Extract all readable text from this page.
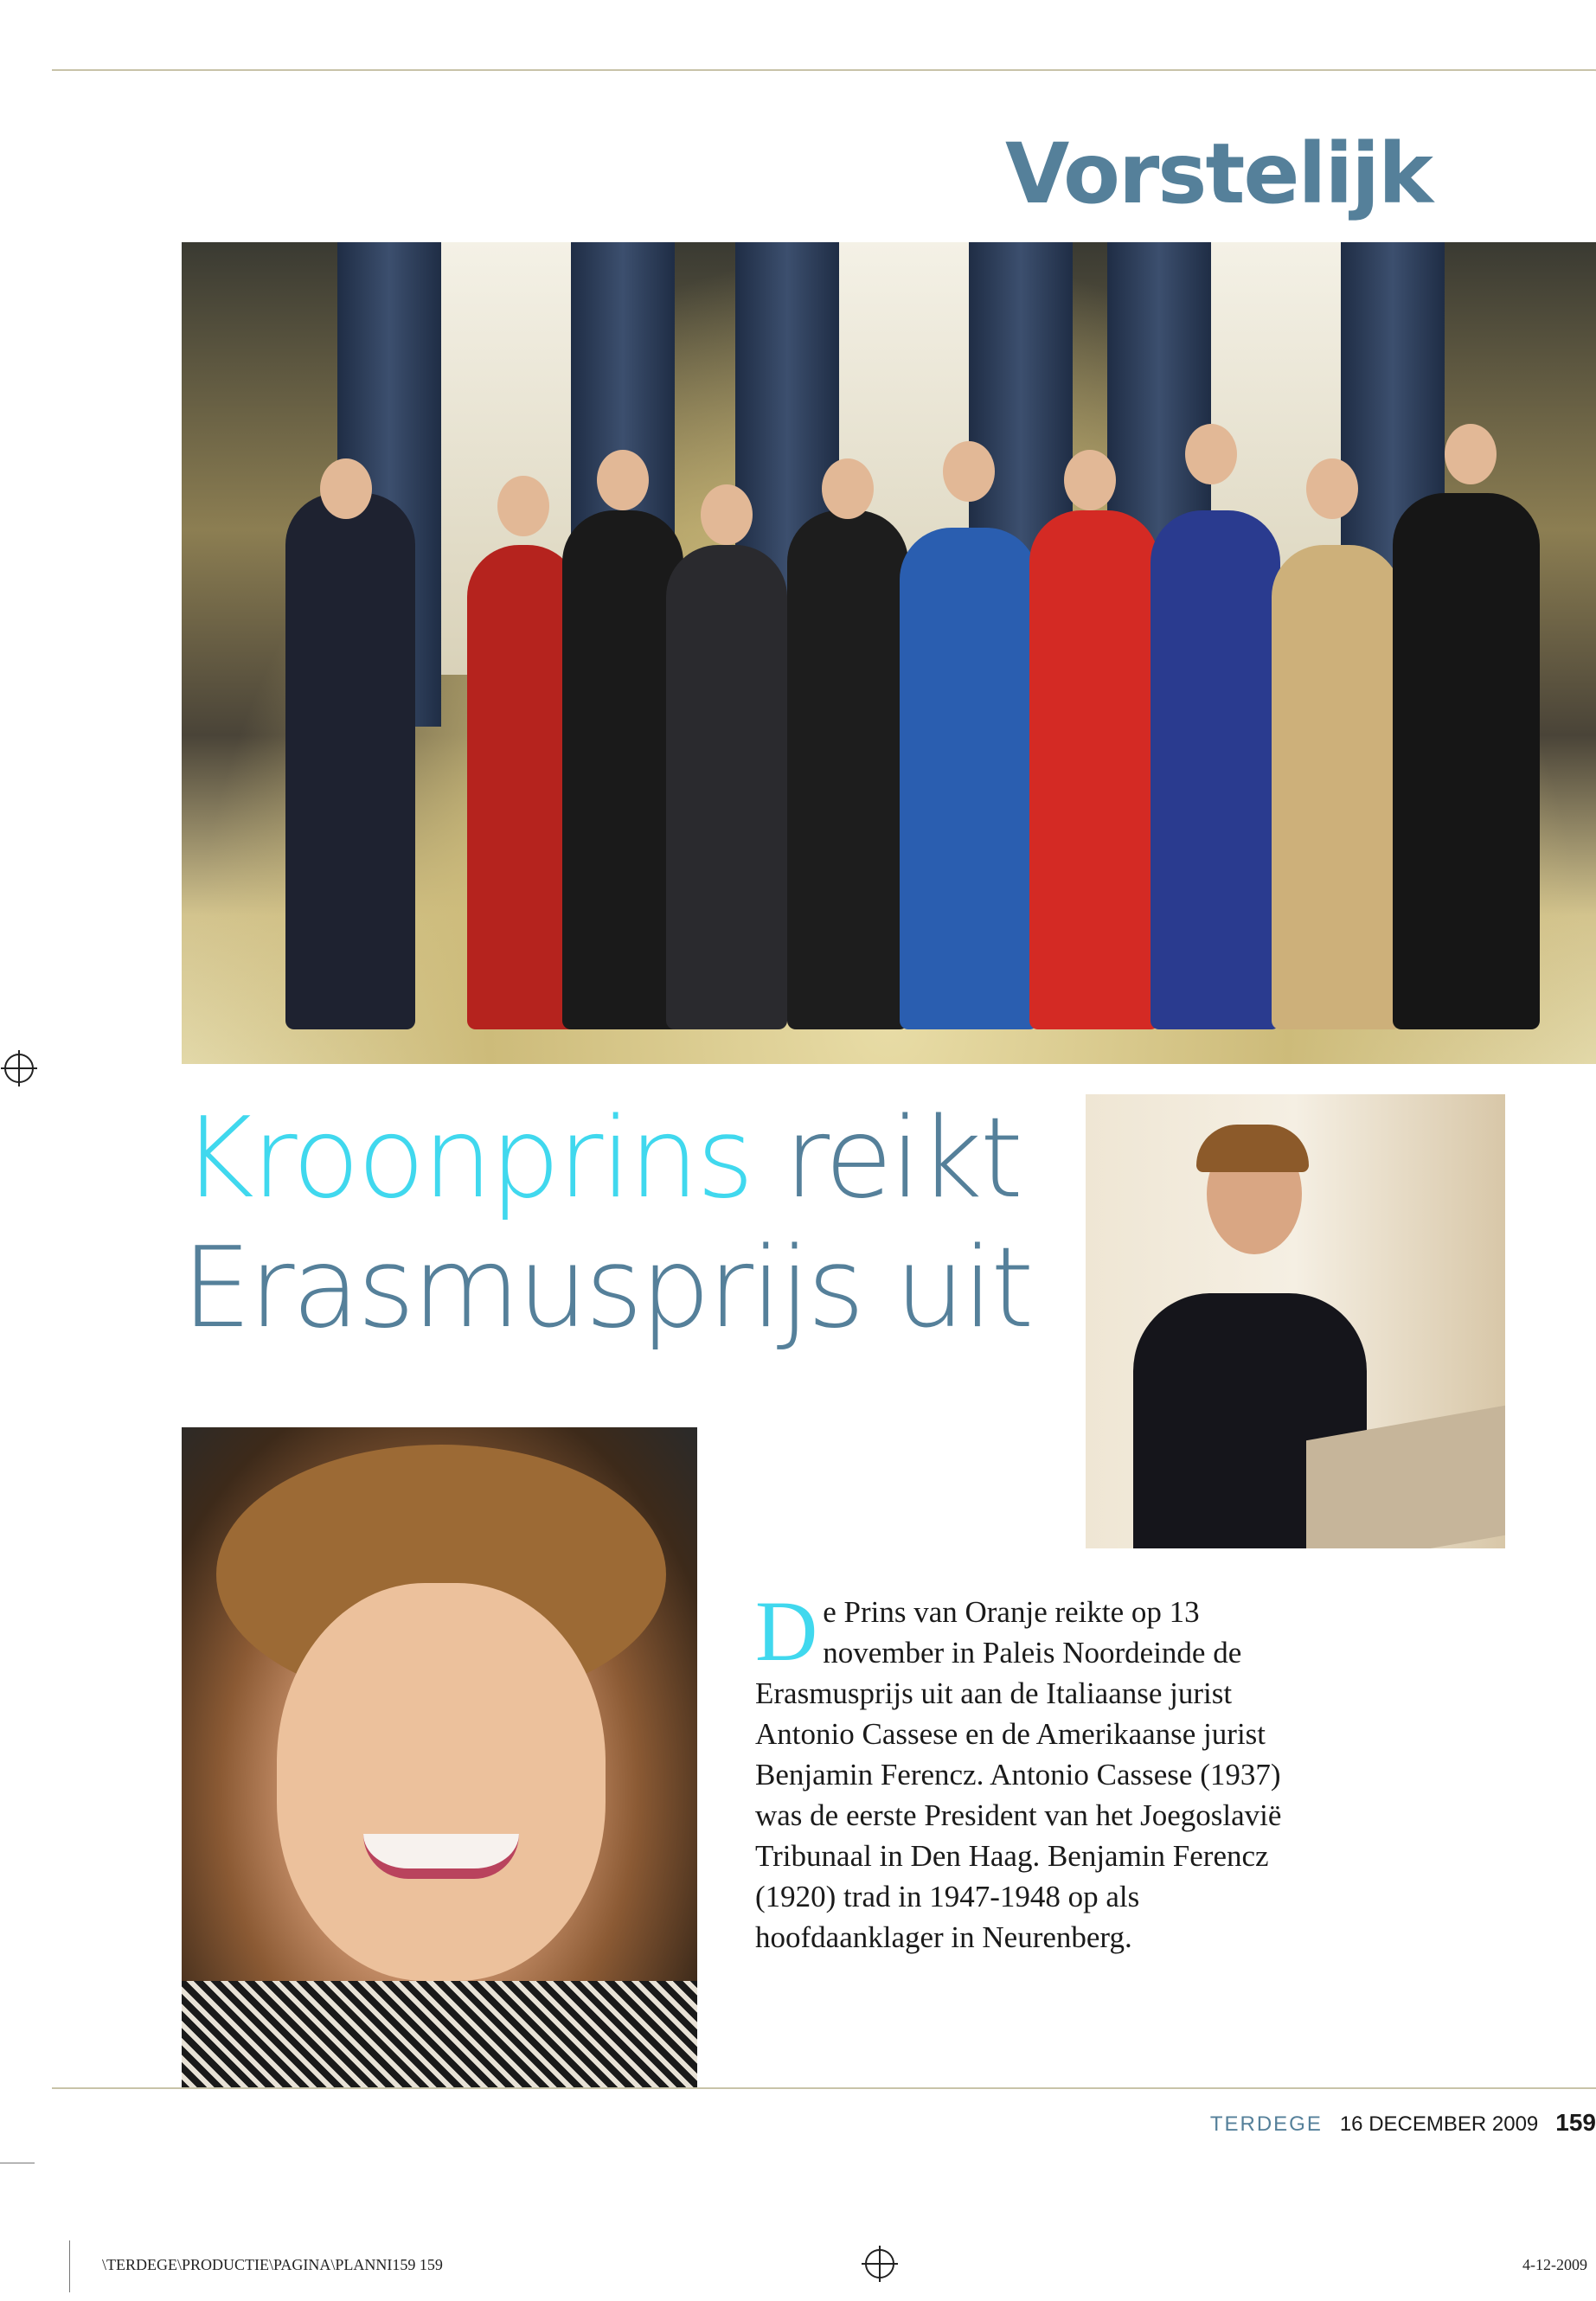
Vorstelijk
Kroonprins reikt
Erasmusprijs uit
De Prins van Oranje reikte op 13 november in Paleis Noordeinde de Erasmusprijs uit aan de Italiaanse jurist Antonio Cassese en de Amerikaanse jurist Benjamin Ferencz. Antonio Cassese (1937) was de eerste President van het Joegoslavië Tribunaal in Den Haag. Benjamin Ferencz (1920) trad in 1947-1948 op als hoofdaanklager in Neurenberg.
TERDEGE 16 DECEMBER 2009 159
\TERDEGE\PRODUCTIE\PAGINA\PLANNI159 159	4-12-2009
